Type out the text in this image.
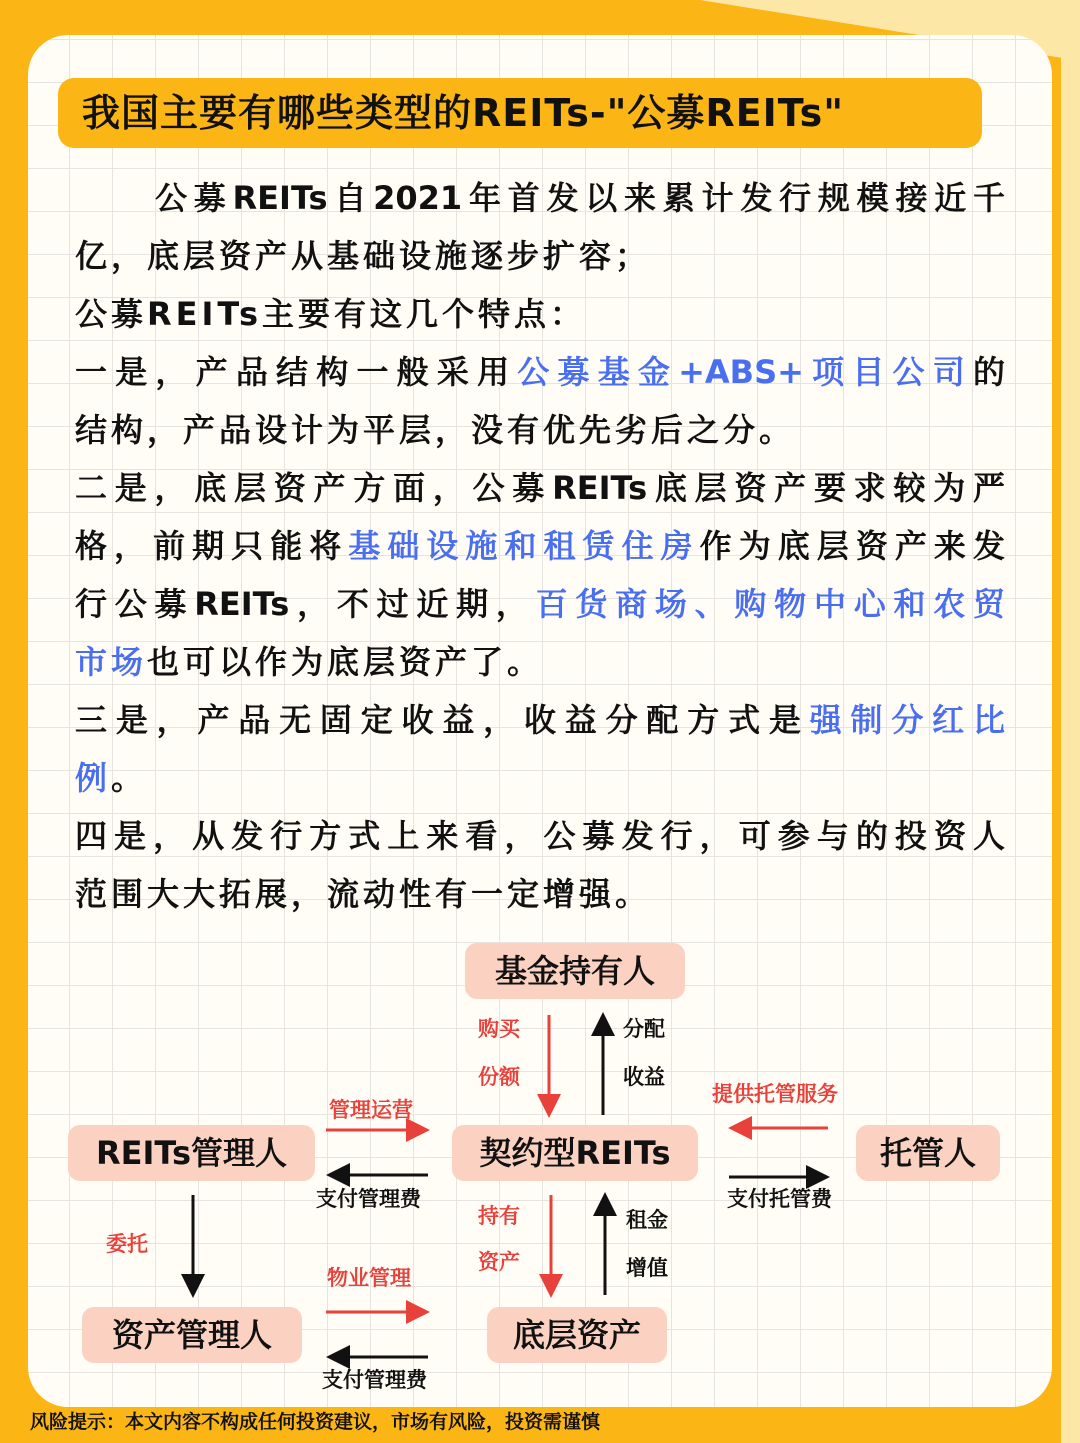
我国主要有哪些类型的REITs-"公募REITs"
公募REITs自2021年首发以来累计发行规模接近千
亿，底层资产从基础设施逐步扩容；
公募REITs主要有这几个特点：
一是，产品结构一般采用公募基金+ABS+项目公司的
结构，产品设计为平层，没有优先劣后之分。
二是，底层资产方面，公募REITs底层资产要求较为严
格，前期只能将基础设施和租赁住房作为底层资产来发
行公募REITs，不过近期，百货商场、购物中心和农贸
市场也可以作为底层资产了。
三是，产品无固定收益，收益分配方式是强制分红比
例。
四是，从发行方式上来看，公募发行，可参与的投资人
范围大大拓展，流动性有一定增强。
基金持有人
REITs管理人	契约型REITs	托管人
资产管理人	底层资产
购买
份额
分配
收益
管理运营
支付管理费
提供托管服务
支付托管费
委托
持有
资产
租金
增值
物业管理
支付管理费
风险提示：本文内容不构成任何投资建议，市场有风险，投资需谨慎
